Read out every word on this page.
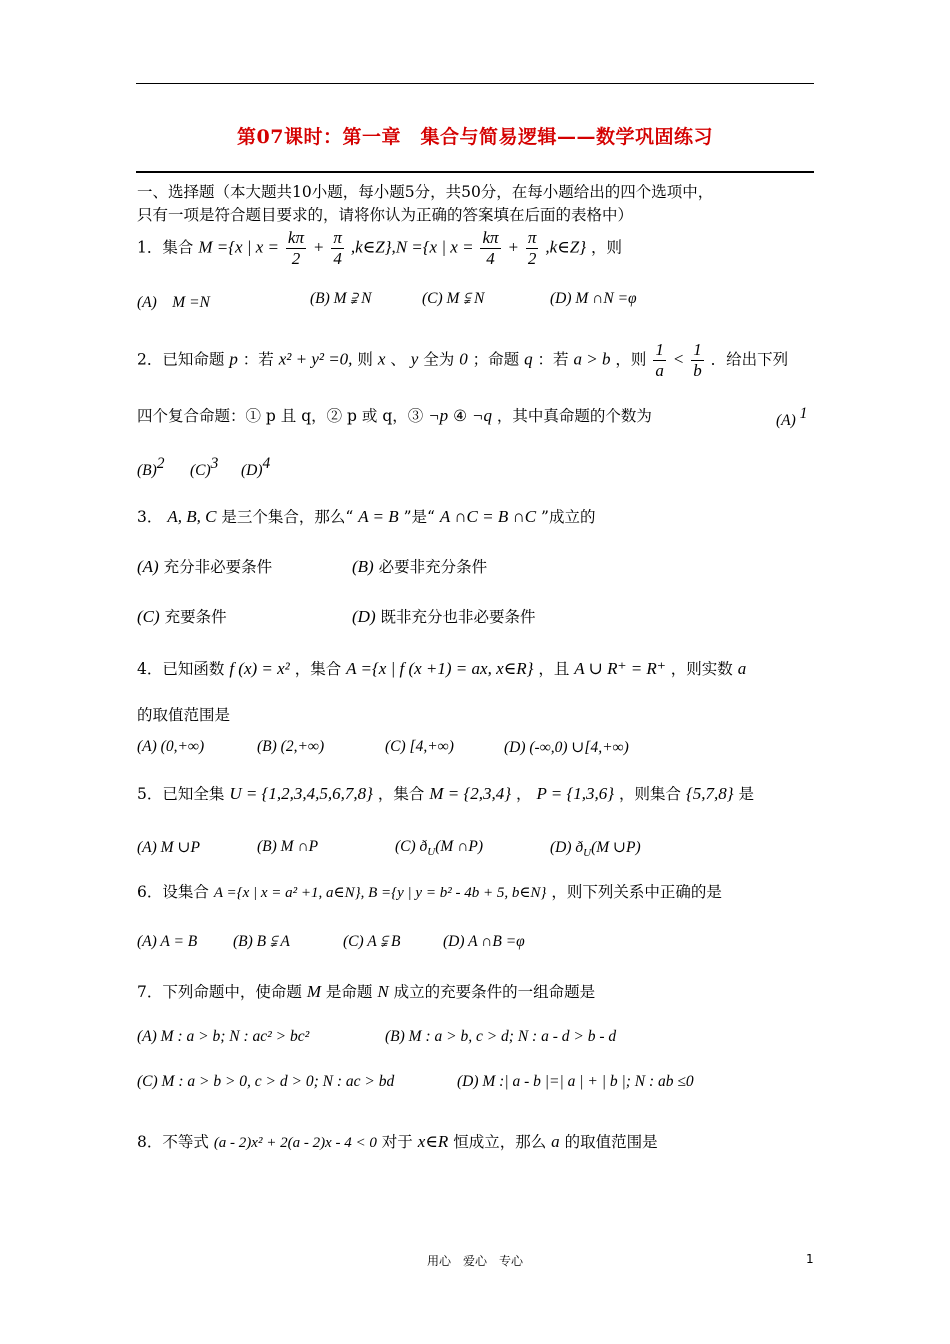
第07课时：第一章　集合与简易逻辑——数学巩固练习
一、选择题（本大题共10小题，每小题5分，共50分，在每小题给出的四个选项中，
只有一项是符合题目要求的，请将你认为正确的答案填在后面的表格中）
1．集合 M ={x | $x = \frac{k\pi}{2} + \frac{\pi}{4}$ ,k∈Z},N ={x | $x = \frac{k\pi}{4} + \frac{\pi}{2}$ ,k∈Z} ，则
(A)　M =N	(B) M ⫌ N	(C) M ⫋ N	(D) M ∩N =φ
2．已知命题 p ：若 x² + y² =0, 则 x 、 y 全为 0 ；命题 q ：若 a > b ，则 $\frac{1}{a} < \frac{1}{b}$ ．给出下列
四个复合命题：① p 且 q，② p 或 q，③ ¬p ④ ¬q ，其中真命题的个数为	(A) 1
(B)2 (C)3 (D)4
3． A, B, C 是三个集合，那么“ A = B ”是“ A ∩C = B ∩C ”成立的
(A) 充分非必要条件	(B) 必要非充分条件
(C) 充要条件	(D) 既非充分也非必要条件
4．已知函数 f (x) = x² ，集合 A ={x | f (x +1) = ax, x∈R} ，且 A ∪ R⁺ = R⁺ ，则实数 a
的取值范围是
(A) (0,+∞)	(B) (2,+∞)	(C) [4,+∞)	(D) (-∞,0) ∪[4,+∞)
5．已知全集 U = {1,2,3,4,5,6,7,8} ，集合 M = {2,3,4} ， P = {1,3,6} ，则集合 {5,7,8} 是
(A) M ∪P	(B) M ∩P	(C) $ð_U(M$ ∩P)	(D) $ð_U(M$ ∪P)
6．设集合 A ={x | x = a² +1, a∈N}, B ={y | y = b² - 4b + 5, b∈N} ，则下列关系中正确的是
(A) A = B (B) B ⫋ A	(C) A ⫋ B	(D) A ∩B =φ
7．下列命题中，使命题 M 是命题 N 成立的充要条件的一组命题是
(A) M : a > b; N : ac² > bc²	(B) M : a > b, c > d; N : a - d > b - d
(C) M : a > b > 0, c > d > 0; N : ac > bd	(D) M :| a - b |=| a | + | b |; N : ab ≤0
8．不等式 (a - 2)x² + 2(a - 2)x - 4 < 0 对于 x∈R 恒成立，那么 a 的取值范围是
用心　爱心　专心	1
